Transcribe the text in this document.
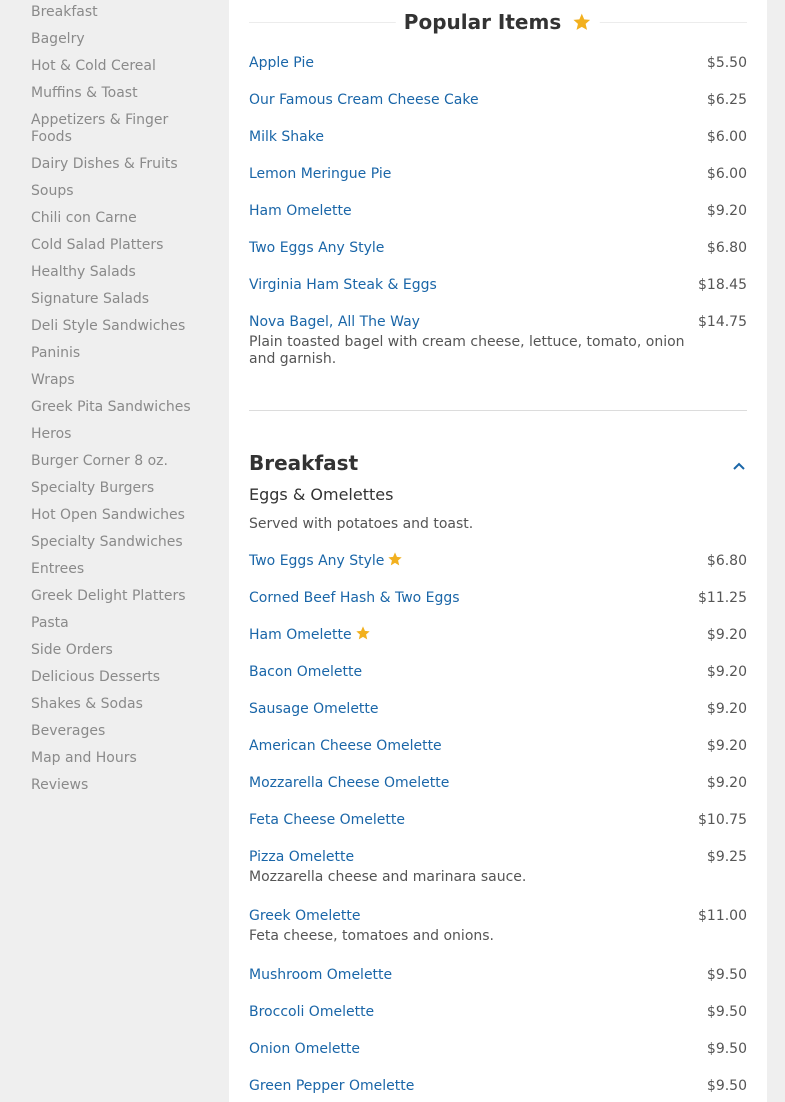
Breakfast
Bagelry
Hot & Cold Cereal
Muffins & Toast
Appetizers & Finger Foods
Dairy Dishes & Fruits
Soups
Chili con Carne
Cold Salad Platters
Healthy Salads
Signature Salads
Deli Style Sandwiches
Paninis
Wraps
Greek Pita Sandwiches
Heros
Burger Corner 8 oz.
Specialty Burgers
Hot Open Sandwiches
Specialty Sandwiches
Entrees
Greek Delight Platters
Pasta
Side Orders
Delicious Desserts
Shakes & Sodas
Beverages
Map and Hours
Reviews
Popular Items
Apple Pie	$5.50
Our Famous Cream Cheese Cake	$6.25
Milk Shake	$6.00
Lemon Meringue Pie	$6.00
Ham Omelette	$9.20
Two Eggs Any Style	$6.80
Virginia Ham Steak & Eggs	$18.45
Nova Bagel, All The Way	$14.75
Plain toasted bagel with cream cheese, lettuce, tomato, onion and garnish.
Breakfast
Eggs & Omelettes
Served with potatoes and toast.
Two Eggs Any Style	$6.80
Corned Beef Hash & Two Eggs	$11.25
Ham Omelette	$9.20
Bacon Omelette	$9.20
Sausage Omelette	$9.20
American Cheese Omelette	$9.20
Mozzarella Cheese Omelette	$9.20
Feta Cheese Omelette	$10.75
Pizza Omelette	$9.25
Mozzarella cheese and marinara sauce.
Greek Omelette	$11.00
Feta cheese, tomatoes and onions.
Mushroom Omelette	$9.50
Broccoli Omelette	$9.50
Onion Omelette	$9.50
Green Pepper Omelette	$9.50
